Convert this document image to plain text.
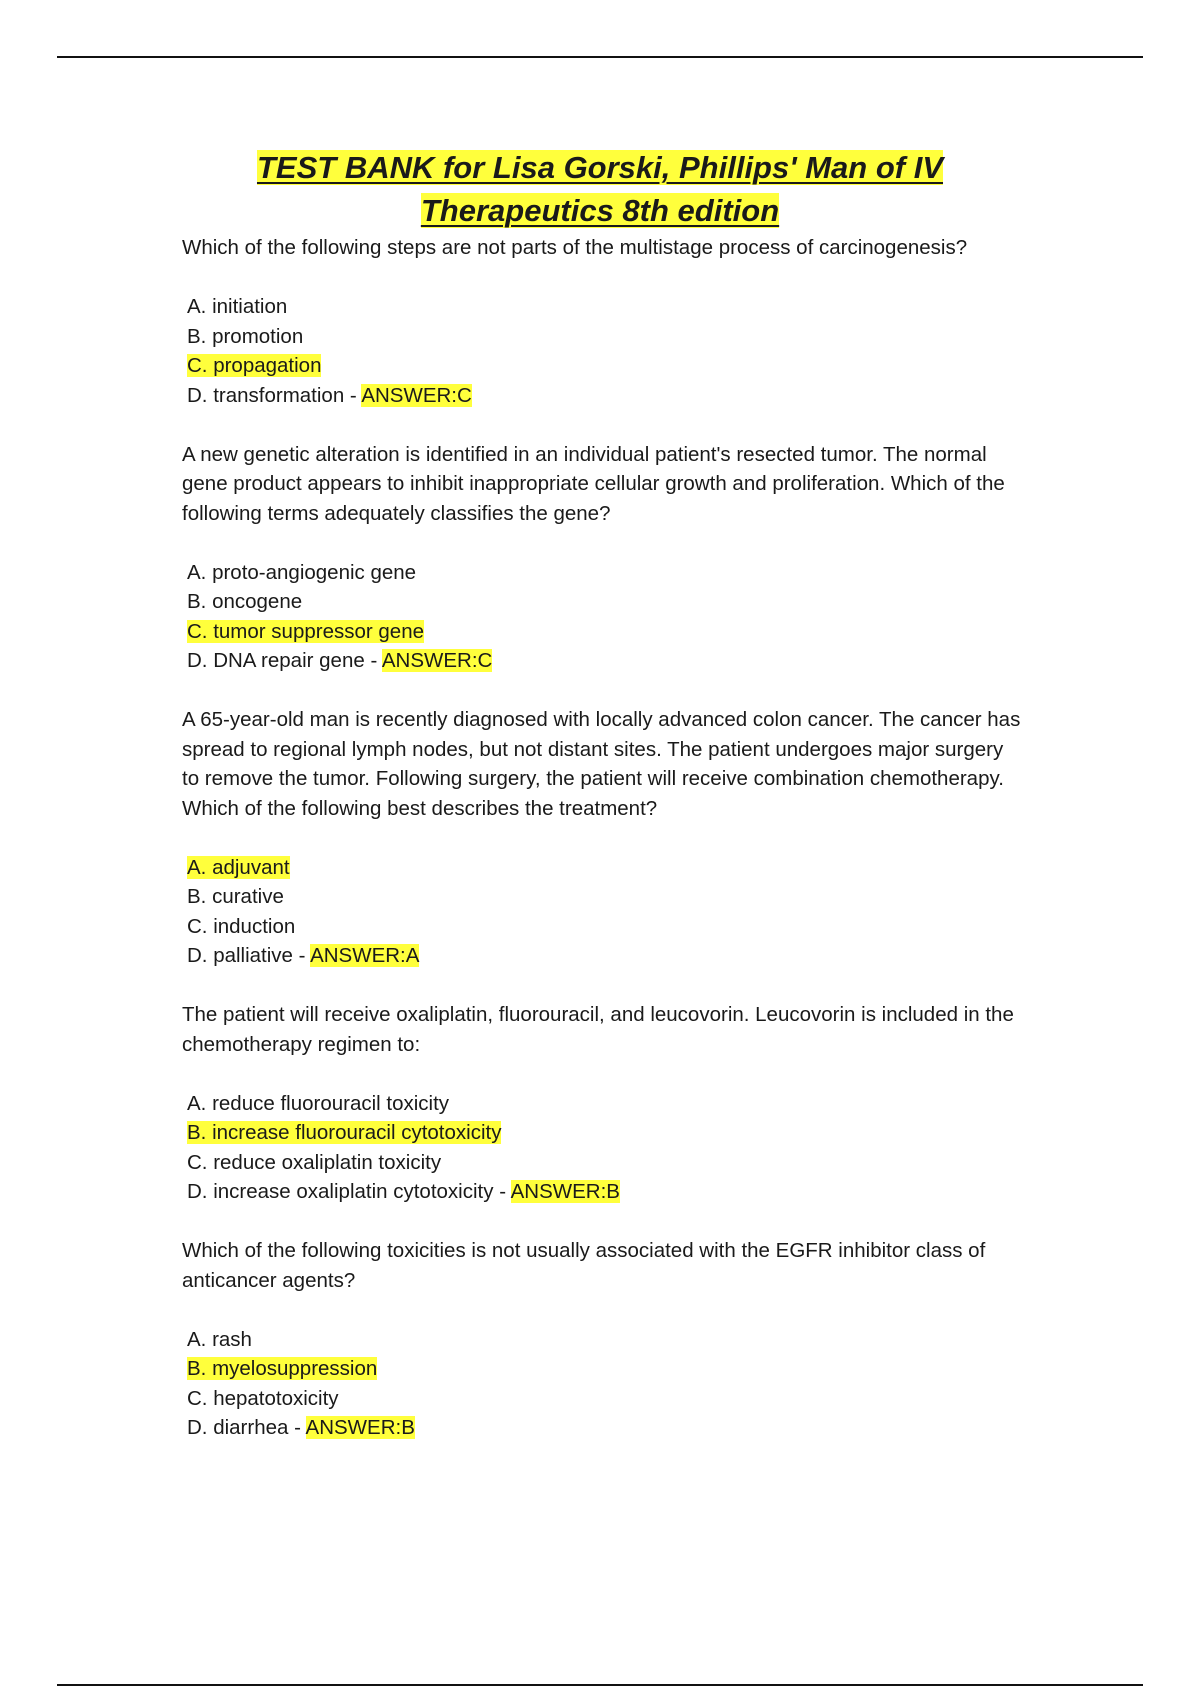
TEST BANK for Lisa Gorski, Phillips' Man of IV
Therapeutics 8th edition

Which of the following steps are not parts of the multistage process of carcinogenesis?

A. initiation
B. promotion
C. propagation
D. transformation - ANSWER:C

A new genetic alteration is identified in an individual patient's resected tumor. The normal gene product appears to inhibit inappropriate cellular growth and proliferation. Which of the following terms adequately classifies the gene?

A. proto-angiogenic gene
B. oncogene
C. tumor suppressor gene
D. DNA repair gene - ANSWER:C

A 65-year-old man is recently diagnosed with locally advanced colon cancer. The cancer has spread to regional lymph nodes, but not distant sites. The patient undergoes major surgery to remove the tumor. Following surgery, the patient will receive combination chemotherapy. Which of the following best describes the treatment?

A. adjuvant
B. curative
C. induction
D. palliative - ANSWER:A

The patient will receive oxaliplatin, fluorouracil, and leucovorin. Leucovorin is included in the chemotherapy regimen to:

A. reduce fluorouracil toxicity
B. increase fluorouracil cytotoxicity
C. reduce oxaliplatin toxicity
D. increase oxaliplatin cytotoxicity - ANSWER:B

Which of the following toxicities is not usually associated with the EGFR inhibitor class of anticancer agents?

A. rash
B. myelosuppression
C. hepatotoxicity
D. diarrhea - ANSWER:B
